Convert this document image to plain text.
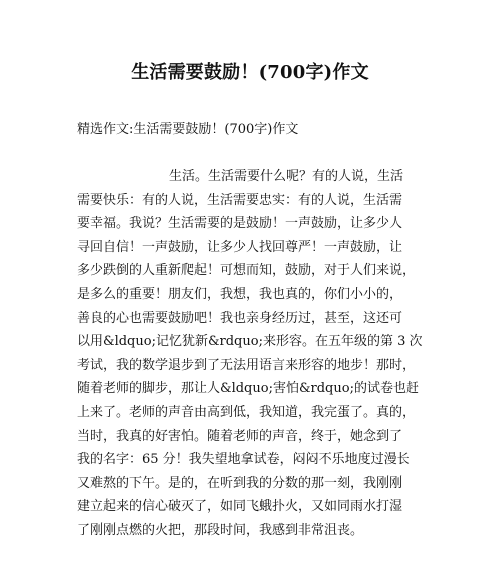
生活需要鼓励！(700字)作文
精选作文:生活需要鼓励！(700字)作文
生活。生活需要什么呢？有的人说，生活
需要快乐：有的人说，生活需要忠实：有的人说，生活需
要幸福。我说？生活需要的是鼓励！一声鼓励，让多少人
寻回自信！一声鼓励，让多少人找回尊严！一声鼓励，让
多少跌倒的人重新爬起！可想而知，鼓励，对于人们来说，
是多么的重要！朋友们，我想，我也真的，你们小小的，
善良的心也需要鼓励吧！我也亲身经历过，甚至，这还可
以用&ldquo;记忆犹新&rdquo;来形容。在五年级的第 3 次
考试，我的数学退步到了无法用语言来形容的地步！那时，
随着老师的脚步，那让人&ldquo;害怕&rdquo;的试卷也赶
上来了。老师的声音由高到低，我知道，我完蛋了。真的，
当时，我真的好害怕。随着老师的声音，终于，她念到了
我的名字：65 分！我失望地拿试卷，闷闷不乐地度过漫长
又难熬的下午。是的，在听到我的分数的那一刻，我刚刚
建立起来的信心破灭了，如同飞蛾扑火，又如同雨水打湿
了刚刚点燃的火把，那段时间，我感到非常沮丧。
